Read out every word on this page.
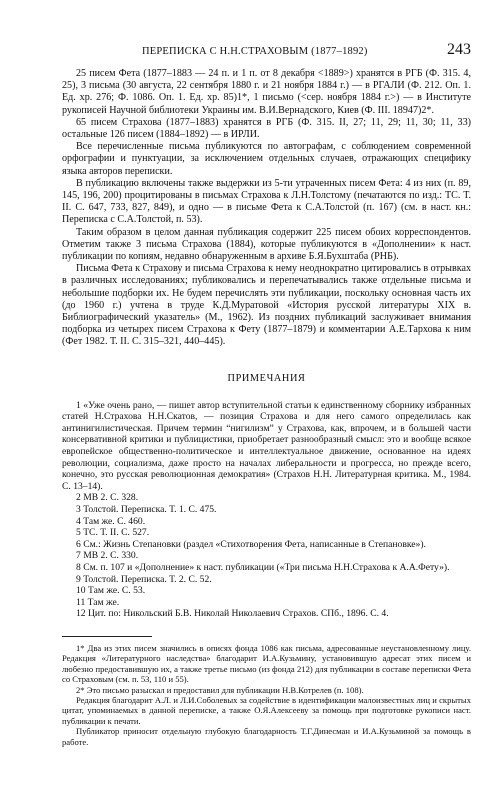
ПЕРЕПИСКА С Н.Н.СТРАХОВЫМ (1877–1892)	243

25 писем Фета (1877–1883 — 24 п. и 1 п. от 8 декабря <1889>) хранятся в РГБ (Ф. 315. 4, 25), 3 письма (30 августа, 22 сентября 1880 г. и 21 ноября 1884 г.) — в РГАЛИ (Ф. 212. Оп. 1. Ед. хр. 276; Ф. 1086. Оп. 1. Ед. хр. 85)1*, 1 письмо (<сер. ноября 1884 г.>) — в Институте рукописей Научной библиотеки Украины им. В.И.Вернадского, Киев (Ф. III. 18947)2*.

65 писем Страхова (1877–1883) хранятся в РГБ (Ф. 315. II, 27; 11, 29; 11, 30; 11, 33) остальные 126 писем (1884–1892) — в ИРЛИ.

Все перечисленные письма публикуются по автографам, с соблюдением современной орфографии и пунктуации, за исключением отдельных случаев, отражающих специфику языка авторов переписки.

В публикацию включены также выдержки из 5-ти утраченных писем Фета: 4 из них (п. 89, 145, 196, 200) процитированы в письмах Страхова к Л.Н.Толстому (печатаются по изд.: ТС. Т. II. С. 647, 733, 827, 849), и одно — в письме Фета к С.А.Толстой (п. 167) (см. в наст. кн.: Переписка с С.А.Толстой, п. 53).

Таким образом в целом данная публикация содержит 225 писем обоих корреспондентов. Отметим также 3 письма Страхова (1884), которые публикуются в «Дополнении» к наст. публикации по копиям, недавно обнаруженным в архиве Б.Я.Бухштаба (РНБ).

Письма Фета к Страхову и письма Страхова к нему неоднократно цитировались в отрывках в различных исследованиях; публиковались и перепечатывались также отдельные письма и небольшие подборки их. Не будем перечислять эти публикации, поскольку основная часть их (до 1960 г.) учтена в труде К.Д.Муратовой «История русской литературы XIX в. Библиографический указатель» (М., 1962). Из поздних публикаций заслуживает внимания подборка из четырех писем Страхова к Фету (1877–1879) и комментарии А.Е.Тархова к ним (Фет 1982. Т. II. С. 315–321, 440–445).

ПРИМЕЧАНИЯ

1 «Уже очень рано, — пишет автор вступительной статьи к единственному сборнику избранных статей Н.Страхова Н.Н.Скатов, — позиция Страхова и для него самого определилась как антинигилистическая. Причем термин “нигилизм” у Страхова, как, впрочем, и в большей части консервативной критики и публицистики, приобретает разнообразный смысл: это и вообще всякое европейское общественно-политическое и интеллектуальное движение, основанное на идеях революции, социализма, даже просто на началах либеральности и прогресса, но прежде всего, конечно, это русская революционная демократия» (Страхов Н.Н. Литературная критика. М., 1984. С. 13–14).

2 МВ 2. С. 328.

3 Толстой. Переписка. Т. 1. С. 475.

4 Там же. С. 460.

5 ТС. Т. II. С. 527.

6 См.: Жизнь Степановки (раздел «Стихотворения Фета, написанные в Степановке»).

7 МВ 2. С. 330.

8 См. п. 107 и «Дополнение» к наст. публикации («Три письма Н.Н.Страхова к А.А.Фету»).

9 Толстой. Переписка. Т. 2. С. 52.

10 Там же. С. 53.

11 Там же.

12 Цит. по: Никольский Б.В. Николай Николаевич Страхов. СПб., 1896. С. 4.

1* Два из этих писем значились в описях фонда 1086 как письма, адресованные неустановленному лицу. Редакция «Литературного наследства» благодарит И.А.Кузьмину, установившую адресат этих писем и любезно предоставившую их, а также третье письмо (из фонда 212) для публикации в составе переписки Фета со Страховым (см. п. 53, 110 и 55).

2* Это письмо разыскал и предоставил для публикации Н.В.Котрелев (п. 108).

Редакция благодарит А.Л. и Л.И.Соболевых за содействие в идентификации малоизвестных лиц и скрытых цитат, упоминаемых в данной переписке, а также О.Я.Алексееву за помощь при подготовке рукописи наст. публикации к печати.

Публикатор приносит отдельную глубокую благодарность Т.Г.Динесман и И.А.Кузьминой за помощь в работе.
